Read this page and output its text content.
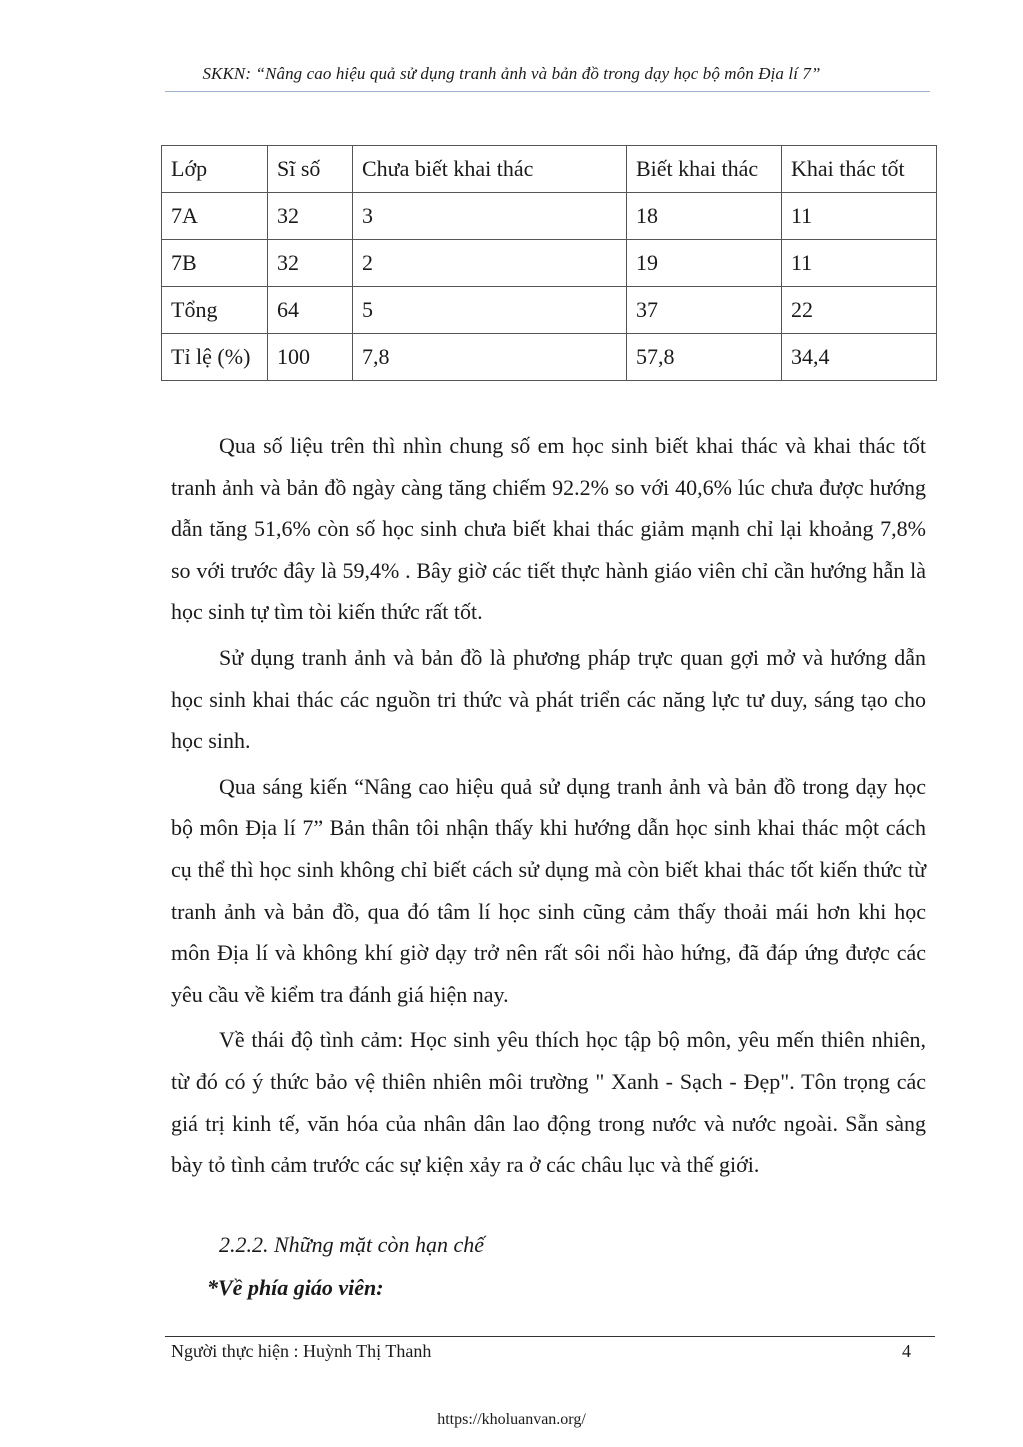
SKKN: “Nâng cao hiệu quả sử dụng tranh ảnh và bản đồ trong dạy học bộ môn Địa lí 7”
Lớp	Sĩ số	Chưa biết khai thác	Biết khai thác	Khai thác tốt
7A	32	3	18	11
7B	32	2	19	11
Tổng	64	5	37	22
Tỉ lệ (%)	100	7,8	57,8	34,4

Qua số liệu trên thì nhìn chung số em học sinh biết khai thác và khai thác tốt tranh ảnh và bản đồ ngày càng tăng chiếm 92.2% so với 40,6% lúc chưa được hướng dẫn tăng 51,6% còn số học sinh chưa biết khai thác giảm mạnh chỉ lại khoảng 7,8% so với trước đây là 59,4% . Bây giờ các tiết thực hành giáo viên chỉ cần hướng hẫn là học sinh tự tìm tòi kiến thức rất tốt.

Sử dụng tranh ảnh và bản đồ là phương pháp trực quan gợi mở và hướng dẫn học sinh khai thác các nguồn tri thức và phát triển các năng lực tư duy, sáng tạo cho học sinh.

Qua sáng kiến “Nâng cao hiệu quả sử dụng tranh ảnh và bản đồ trong dạy học bộ môn Địa lí 7” Bản thân tôi nhận thấy khi hướng dẫn học sinh khai thác một cách cụ thể thì học sinh không chỉ biết cách sử dụng mà còn biết khai thác tốt kiến thức từ tranh ảnh và bản đồ, qua đó tâm lí học sinh cũng cảm thấy thoải mái hơn khi học môn Địa lí và không khí giờ dạy trở nên rất sôi nổi hào hứng, đã đáp ứng được các yêu cầu về kiểm tra đánh giá hiện nay.

Về thái độ tình cảm: Học sinh yêu thích học tập bộ môn, yêu mến thiên nhiên, từ đó có ý thức bảo vệ thiên nhiên môi trường " Xanh - Sạch - Đẹp". Tôn trọng các giá trị kinh tế, văn hóa của nhân dân lao động trong nước và nước ngoài. Sẵn sàng bày tỏ tình cảm trước các sự kiện xảy ra ở các châu lục và thế giới.

2.2.2. Những mặt còn hạn chế
*Về phía giáo viên:
Người thực hiện : Huỳnh Thị Thanh	4
https://kholuanvan.org/
